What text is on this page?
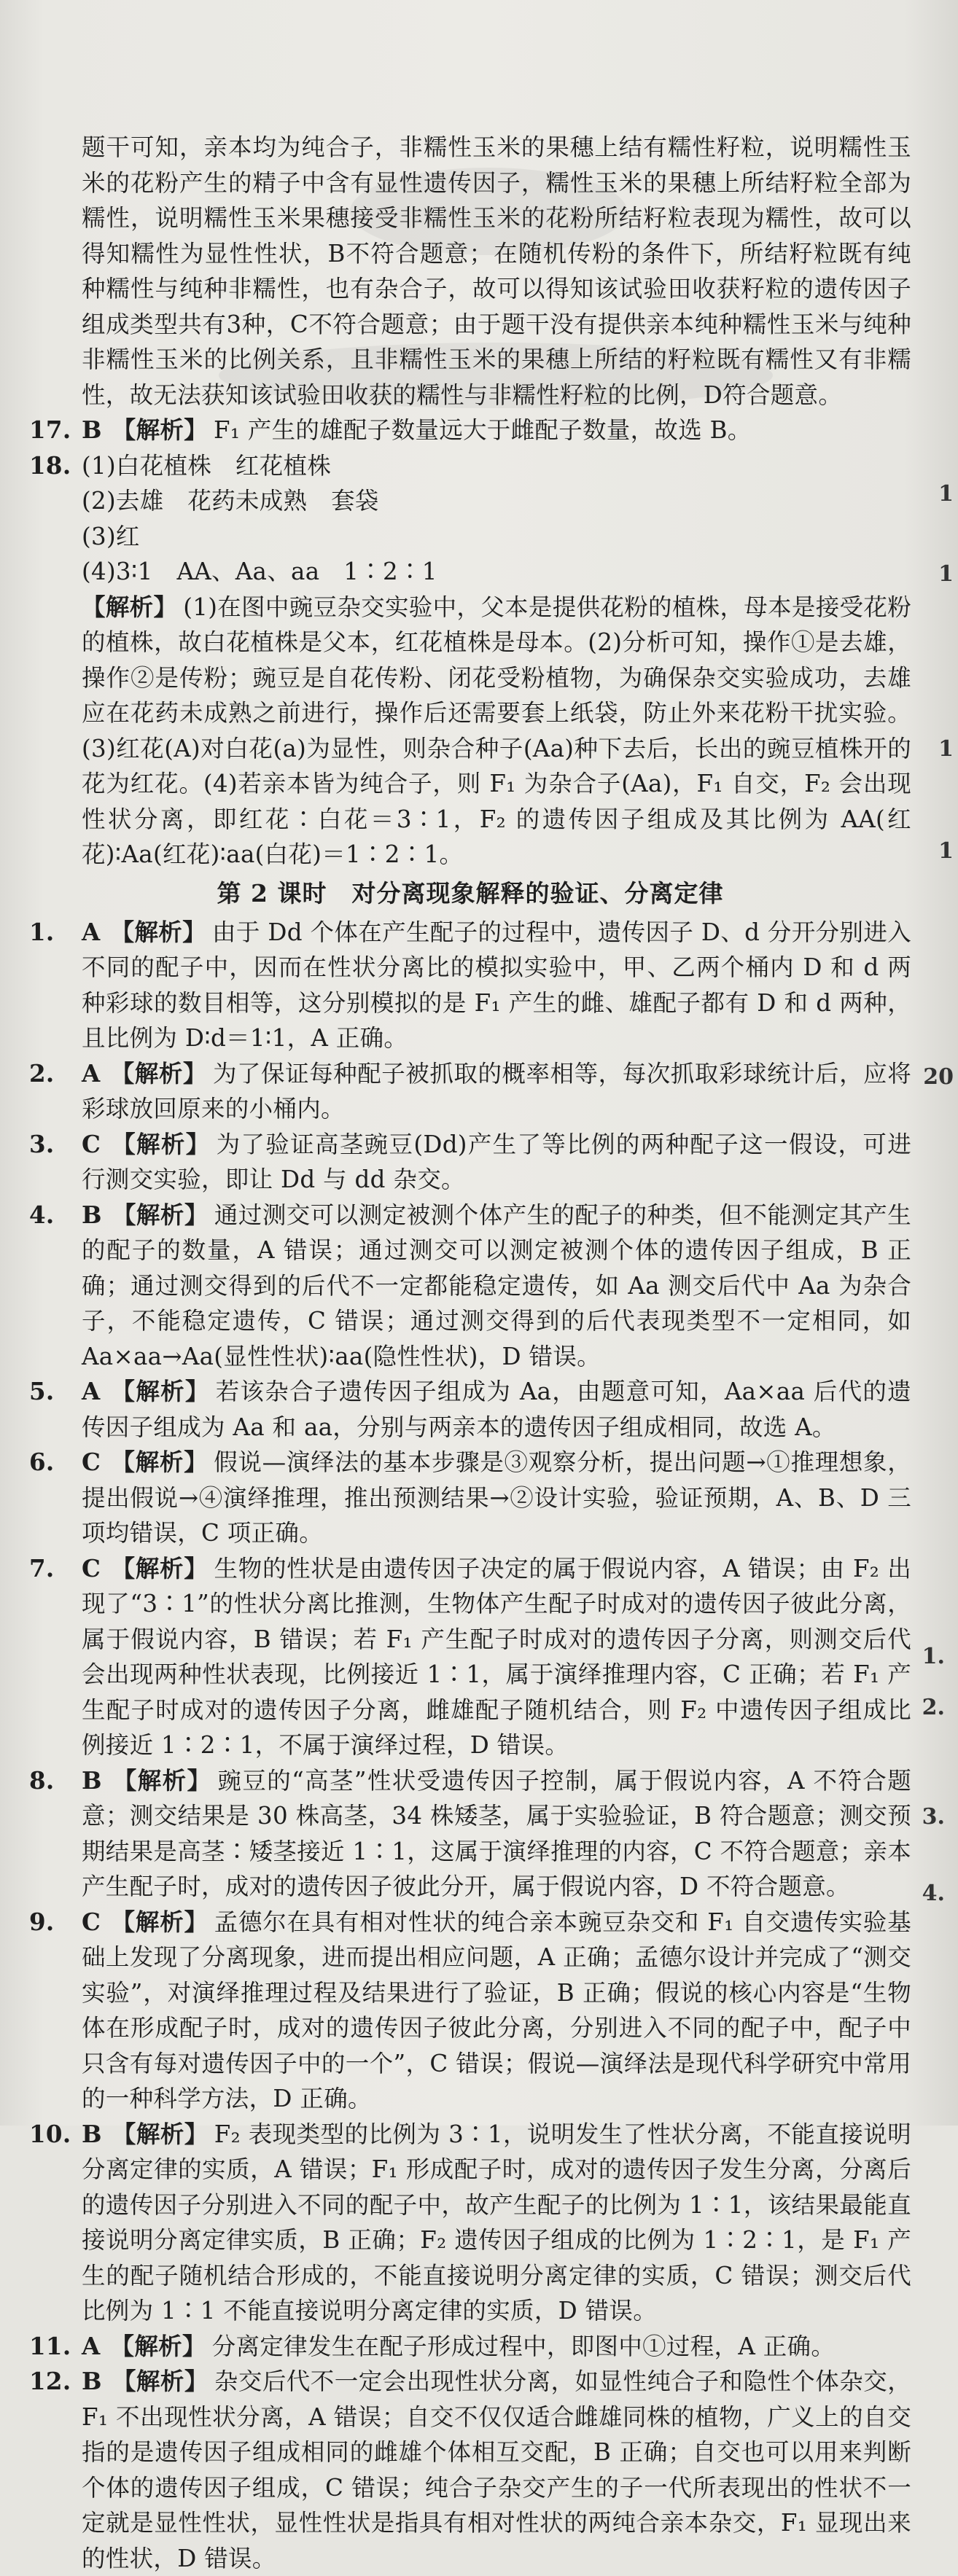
题干可知，亲本均为纯合子，非糯性玉米的果穗上结有糯性籽粒，说明糯性玉米的花粉产生的精子中含有显性遗传因子，糯性玉米的果穗上所结籽粒全部为糯性，说明糯性玉米果穗接受非糯性玉米的花粉所结籽粒表现为糯性，故可以得知糯性为显性性状，B不符合题意；在随机传粉的条件下，所结籽粒既有纯种糯性与纯种非糯性，也有杂合子，故可以得知该试验田收获籽粒的遗传因子组成类型共有3种，C不符合题意；由于题干没有提供亲本纯种糯性玉米与纯种非糯性玉米的比例关系，且非糯性玉米的果穗上所结的籽粒既有糯性又有非糯性，故无法获知该试验田收获的糯性与非糯性籽粒的比例，D符合题意。
17. B 【解析】 F₁ 产生的雄配子数量远大于雌配子数量，故选 B。
18. (1)白花植株　红花植株
(2)去雄　花药未成熟　套袋
(3)红
(4)3∶1　AA、Aa、aa　1∶2∶1
【解析】 (1)在图中豌豆杂交实验中，父本是提供花粉的植株，母本是接受花粉的植株，故白花植株是父本，红花植株是母本。(2)分析可知，操作①是去雄，操作②是传粉；豌豆是自花传粉、闭花受粉植物，为确保杂交实验成功，去雄应在花药未成熟之前进行，操作后还需要套上纸袋，防止外来花粉干扰实验。(3)红花(A)对白花(a)为显性，则杂合种子(Aa)种下去后，长出的豌豆植株开的花为红花。(4)若亲本皆为纯合子，则 F₁ 为杂合子(Aa)，F₁ 自交，F₂ 会出现性状分离，即红花∶白花＝3∶1，F₂ 的遗传因子组成及其比例为 AA(红花)∶Aa(红花)∶aa(白花)＝1∶2∶1。
第 2 课时　对分离现象解释的验证、分离定律
1. A 【解析】 由于 Dd 个体在产生配子的过程中，遗传因子 D、d 分开分别进入不同的配子中，因而在性状分离比的模拟实验中，甲、乙两个桶内 D 和 d 两种彩球的数目相等，这分别模拟的是 F₁ 产生的雌、雄配子都有 D 和 d 两种，且比例为 D∶d＝1∶1，A 正确。
2. A 【解析】 为了保证每种配子被抓取的概率相等，每次抓取彩球统计后，应将彩球放回原来的小桶内。
3. C 【解析】 为了验证高茎豌豆(Dd)产生了等比例的两种配子这一假设，可进行测交实验，即让 Dd 与 dd 杂交。
4. B 【解析】 通过测交可以测定被测个体产生的配子的种类，但不能测定其产生的配子的数量，A 错误；通过测交可以测定被测个体的遗传因子组成，B 正确；通过测交得到的后代不一定都能稳定遗传，如 Aa 测交后代中 Aa 为杂合子，不能稳定遗传，C 错误；通过测交得到的后代表现类型不一定相同，如 Aa×aa→Aa(显性性状)∶aa(隐性性状)，D 错误。
5. A 【解析】 若该杂合子遗传因子组成为 Aa，由题意可知，Aa×aa 后代的遗传因子组成为 Aa 和 aa，分别与两亲本的遗传因子组成相同，故选 A。
6. C 【解析】 假说—演绎法的基本步骤是③观察分析，提出问题→①推理想象，提出假说→④演绎推理，推出预测结果→②设计实验，验证预期，A、B、D 三项均错误，C 项正确。
7. C 【解析】 生物的性状是由遗传因子决定的属于假说内容，A 错误；由 F₂ 出现了“3∶1”的性状分离比推测，生物体产生配子时成对的遗传因子彼此分离，属于假说内容，B 错误；若 F₁ 产生配子时成对的遗传因子分离，则测交后代会出现两种性状表现，比例接近 1∶1，属于演绎推理内容，C 正确；若 F₁ 产生配子时成对的遗传因子分离，雌雄配子随机结合，则 F₂ 中遗传因子组成比例接近 1∶2∶1，不属于演绎过程，D 错误。
8. B 【解析】 豌豆的“高茎”性状受遗传因子控制，属于假说内容，A 不符合题意；测交结果是 30 株高茎，34 株矮茎，属于实验验证，B 符合题意；测交预期结果是高茎∶矮茎接近 1∶1，这属于演绎推理的内容，C 不符合题意；亲本产生配子时，成对的遗传因子彼此分开，属于假说内容，D 不符合题意。
9. C 【解析】 孟德尔在具有相对性状的纯合亲本豌豆杂交和 F₁ 自交遗传实验基础上发现了分离现象，进而提出相应问题，A 正确；孟德尔设计并完成了“测交实验”，对演绎推理过程及结果进行了验证，B 正确；假说的核心内容是“生物体在形成配子时，成对的遗传因子彼此分离，分别进入不同的配子中，配子中只含有每对遗传因子中的一个”，C 错误；假说—演绎法是现代科学研究中常用的一种科学方法，D 正确。
10. B 【解析】 F₂ 表现类型的比例为 3∶1，说明发生了性状分离，不能直接说明分离定律的实质，A 错误；F₁ 形成配子时，成对的遗传因子发生分离，分离后的遗传因子分别进入不同的配子中，故产生配子的比例为 1∶1，该结果最能直接说明分离定律实质，B 正确；F₂ 遗传因子组成的比例为 1∶2∶1，是 F₁ 产生的配子随机结合形成的，不能直接说明分离定律的实质，C 错误；测交后代比例为 1∶1 不能直接说明分离定律的实质，D 错误。
11. A 【解析】 分离定律发生在配子形成过程中，即图中①过程，A 正确。
12. B 【解析】 杂交后代不一定会出现性状分离，如显性纯合子和隐性个体杂交，F₁ 不出现性状分离，A 错误；自交不仅仅适合雌雄同株的植物，广义上的自交指的是遗传因子组成相同的雌雄个体相互交配，B 正确；自交也可以用来判断个体的遗传因子组成，C 错误；纯合子杂交产生的子一代所表现出的性状不一定就是显性性状，显性性状是指具有相对性状的两纯合亲本杂交，F₁ 显现出来的性状，D 错误。
1
1
1
1
20
1.
2.
3.
4.
